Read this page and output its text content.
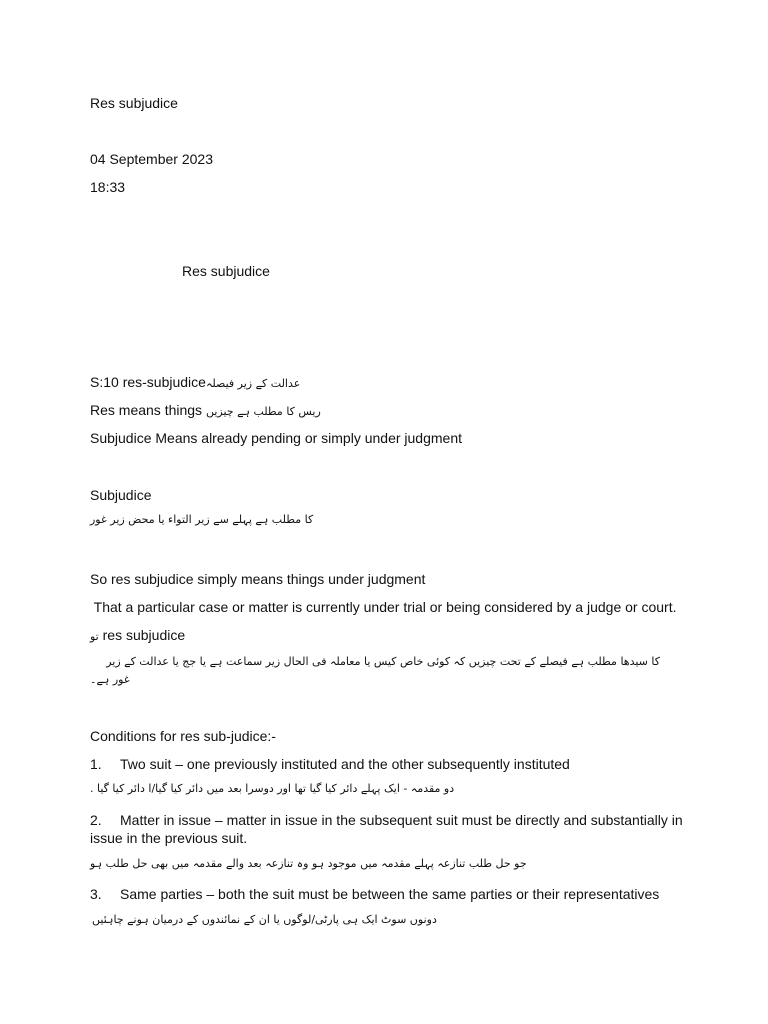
Res subjudice
04 September 2023
18:33
Res subjudice
S:10 res-subjudiceعدالت کے زیر فیصلہ
Res means things ریس کا مطلب ہے چیزیں
Subjudice Means already pending or simply under judgment
Subjudice
کا مطلب ہے پہلے سے زیر التواء یا محض زیر غور
So res subjudice simply means things under judgment
That a particular case or matter is currently under trial or being considered by a judge or court.
تو res subjudice
کا سیدھا مطلب ہے فیصلے کے تحت چیزیں کہ کوئی خاص کیس یا معاملہ فی الحال زیر سماعت ہے یا جج یا عدالت کے زیر
غور ہے۔
Conditions for res sub-judice:-
1. Two suit – one previously instituted and the other subsequently instituted
دو مقدمہ - ایک پہلے دائر کیا گیا تھا اور دوسرا بعد میں دائر کیا گیا/ا دائر کیا گیا .
2. Matter in issue – matter in issue in the subsequent suit must be directly and substantially in
issue in the previous suit.
جو حل طلب تنازعہ پہلے مقدمہ میں موجود ہو وہ تنازعہ بعد والے مقدمہ میں بھی حل طلب ہو
3. Same parties – both the suit must be between the same parties or their representatives
دونوں سوٹ ایک ہی پارٹی/لوگوں یا ان کے نمائندوں کے درمیان ہونے چاہئیں
